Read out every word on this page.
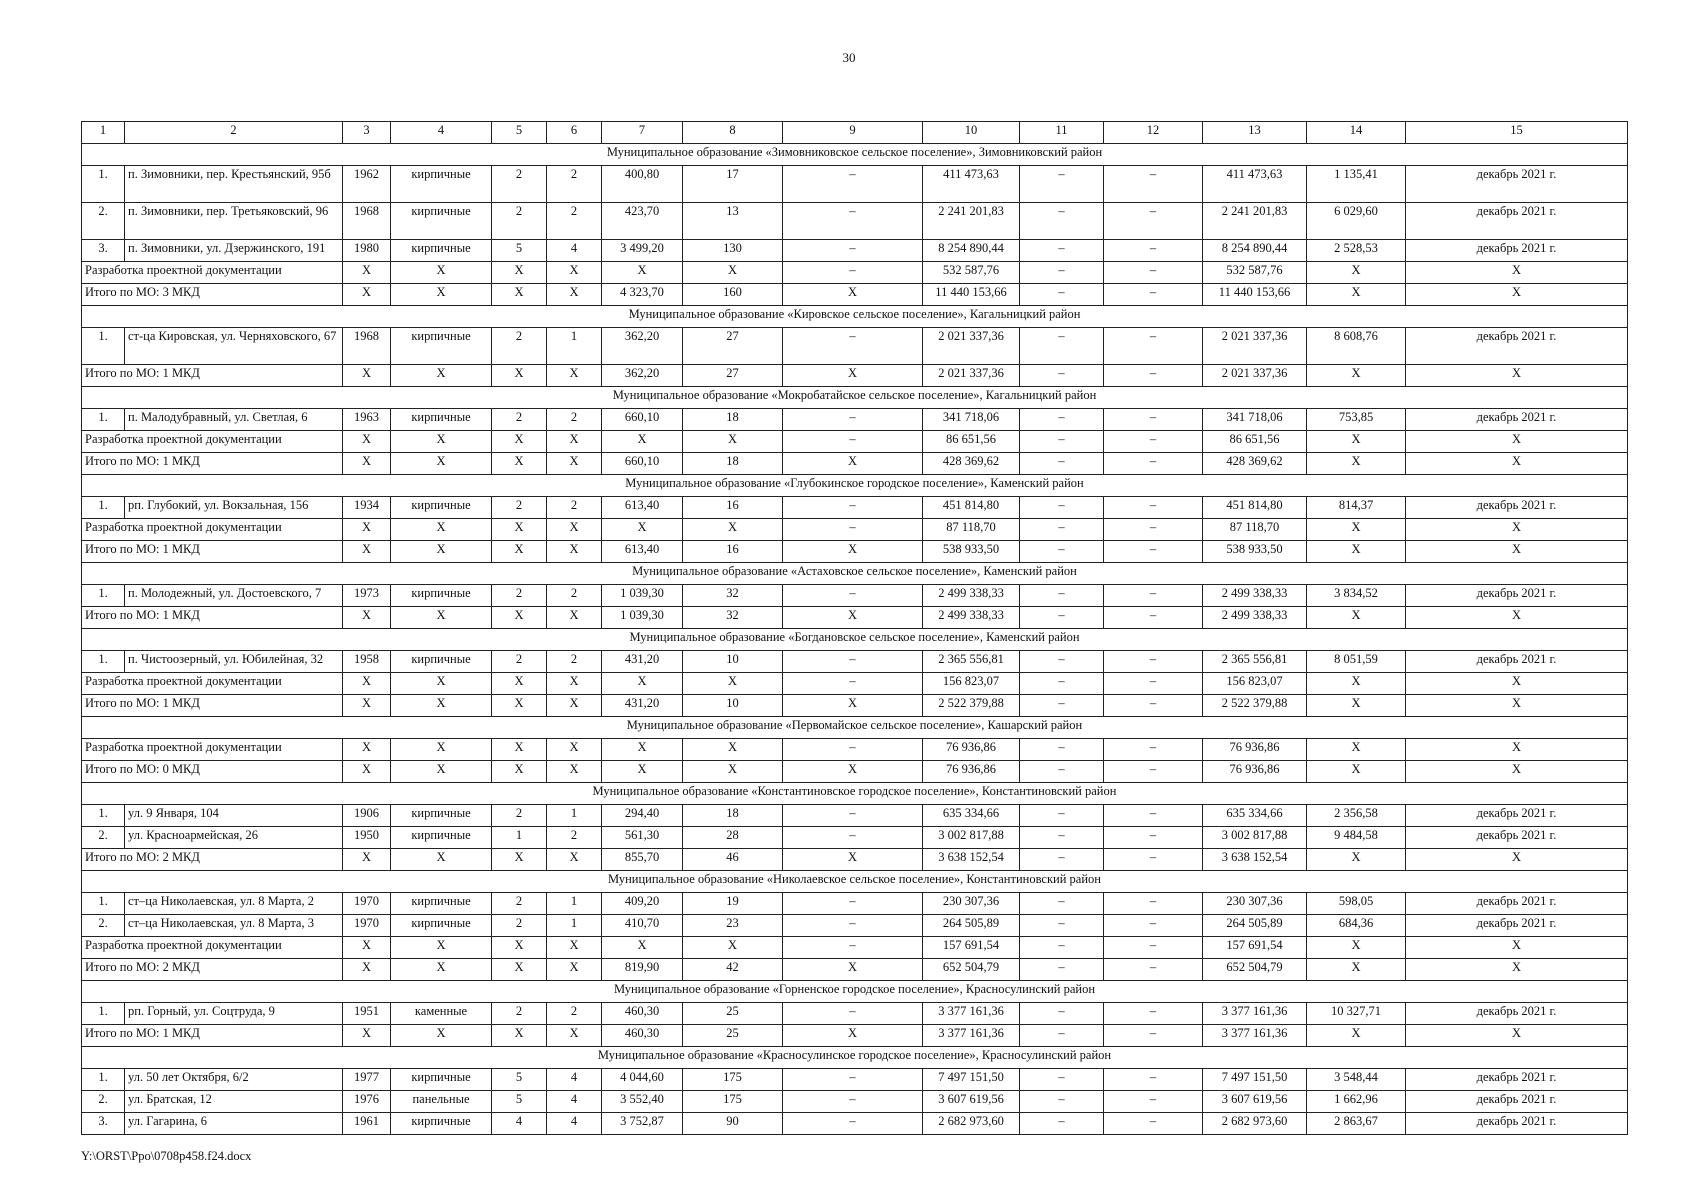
30
1	2	3	4	5	6	7	8	9	10	11	12	13	14	15
Муниципальное образование «Зимовниковское сельское поселение», Зимовниковский район														
1.	п. Зимовники, пер. Крестьянский, 95б	1962	кирпичные	2	2	400,80	17	–	411 473,63	–	–	411 473,63	1 135,41	декабрь 2021 г.
2.	п. Зимовники, пер. Третьяковский, 96	1968	кирпичные	2	2	423,70	13	–	2 241 201,83	–	–	2 241 201,83	6 029,60	декабрь 2021 г.
3.	п. Зимовники, ул. Дзержинского, 191	1980	кирпичные	5	4	3 499,20	130	–	8 254 890,44	–	–	8 254 890,44	2 528,53	декабрь 2021 г.
Разработка проектной документации		X	X	X	X	X	X	–	532 587,76	–	–	532 587,76	X	X
Итого по МО: 3 МКД		X	X	X	X	4 323,70	160	X	11 440 153,66	–	–	11 440 153,66	X	X
Муниципальное образование «Кировское сельское поселение», Кагальницкий район														
1.	ст-ца Кировская, ул. Черняховского, 67	1968	кирпичные	2	1	362,20	27	–	2 021 337,36	–	–	2 021 337,36	8 608,76	декабрь 2021 г.
Итого по МО: 1 МКД		X	X	X	X	362,20	27	X	2 021 337,36	–	–	2 021 337,36	X	X
Муниципальное образование «Мокробатайское сельское поселение», Кагальницкий район														
1.	п. Малодубравный, ул. Светлая, 6	1963	кирпичные	2	2	660,10	18	–	341 718,06	–	–	341 718,06	753,85	декабрь 2021 г.
Разработка проектной документации		X	X	X	X	X	X	–	86 651,56	–	–	86 651,56	X	X
Итого по МО: 1 МКД		X	X	X	X	660,10	18	X	428 369,62	–	–	428 369,62	X	X
Муниципальное образование «Глубокинское городское поселение», Каменский район														
1.	рп. Глубокий, ул. Вокзальная, 156	1934	кирпичные	2	2	613,40	16	–	451 814,80	–	–	451 814,80	814,37	декабрь 2021 г.
Разработка проектной документации		X	X	X	X	X	X	–	87 118,70	–	–	87 118,70	X	X
Итого по МО: 1 МКД		X	X	X	X	613,40	16	X	538 933,50	–	–	538 933,50	X	X
Муниципальное образование «Астаховское сельское поселение», Каменский район														
1.	п. Молодежный, ул. Достоевского, 7	1973	кирпичные	2	2	1 039,30	32	–	2 499 338,33	–	–	2 499 338,33	3 834,52	декабрь 2021 г.
Итого по МО: 1 МКД		X	X	X	X	1 039,30	32	X	2 499 338,33	–	–	2 499 338,33	X	X
Муниципальное образование «Богдановское сельское поселение», Каменский район														
1.	п. Чистоозерный, ул. Юбилейная, 32	1958	кирпичные	2	2	431,20	10	–	2 365 556,81	–	–	2 365 556,81	8 051,59	декабрь 2021 г.
Разработка проектной документации		X	X	X	X	X	X	–	156 823,07	–	–	156 823,07	X	X
Итого по МО: 1 МКД		X	X	X	X	431,20	10	X	2 522 379,88	–	–	2 522 379,88	X	X
Муниципальное образование «Первомайское сельское поселение», Кашарский район														
Разработка проектной документации		X	X	X	X	X	X	–	76 936,86	–	–	76 936,86	X	X
Итого по МО: 0 МКД		X	X	X	X	X	X	X	76 936,86	–	–	76 936,86	X	X
Муниципальное образование «Константиновское городское поселение», Константиновский район														
1.	ул. 9 Января, 104	1906	кирпичные	2	1	294,40	18	–	635 334,66	–	–	635 334,66	2 356,58	декабрь 2021 г.
2.	ул. Красноармейская, 26	1950	кирпичные	1	2	561,30	28	–	3 002 817,88	–	–	3 002 817,88	9 484,58	декабрь 2021 г.
Итого по МО: 2 МКД		X	X	X	X	855,70	46	X	3 638 152,54	–	–	3 638 152,54	X	X
Муниципальное образование «Николаевское сельское поселение», Константиновский район														
1.	ст–ца Николаевская, ул. 8 Марта, 2	1970	кирпичные	2	1	409,20	19	–	230 307,36	–	–	230 307,36	598,05	декабрь 2021 г.
2.	ст–ца Николаевская, ул. 8 Марта, 3	1970	кирпичные	2	1	410,70	23	–	264 505,89	–	–	264 505,89	684,36	декабрь 2021 г.
Разработка проектной документации		X	X	X	X	X	X	–	157 691,54	–	–	157 691,54	X	X
Итого по МО: 2 МКД		X	X	X	X	819,90	42	X	652 504,79	–	–	652 504,79	X	X
Муниципальное образование «Горненское городское поселение», Красносулинский район														
1.	рп. Горный, ул. Соцтруда, 9	1951	каменные	2	2	460,30	25	–	3 377 161,36	–	–	3 377 161,36	10 327,71	декабрь 2021 г.
Итого по МО: 1 МКД		X	X	X	X	460,30	25	X	3 377 161,36	–	–	3 377 161,36	X	X
Муниципальное образование «Красносулинское городское поселение», Красносулинский район														
1.	ул. 50 лет Октября, 6/2	1977	кирпичные	5	4	4 044,60	175	–	7 497 151,50	–	–	7 497 151,50	3 548,44	декабрь 2021 г.
2.	ул. Братская, 12	1976	панельные	5	4	3 552,40	175	–	3 607 619,56	–	–	3 607 619,56	1 662,96	декабрь 2021 г.
3.	ул. Гагарина, 6	1961	кирпичные	4	4	3 752,87	90	–	2 682 973,60	–	–	2 682 973,60	2 863,67	декабрь 2021 г.
Y:\ORST\Ppo\0708p458.f24.docx
